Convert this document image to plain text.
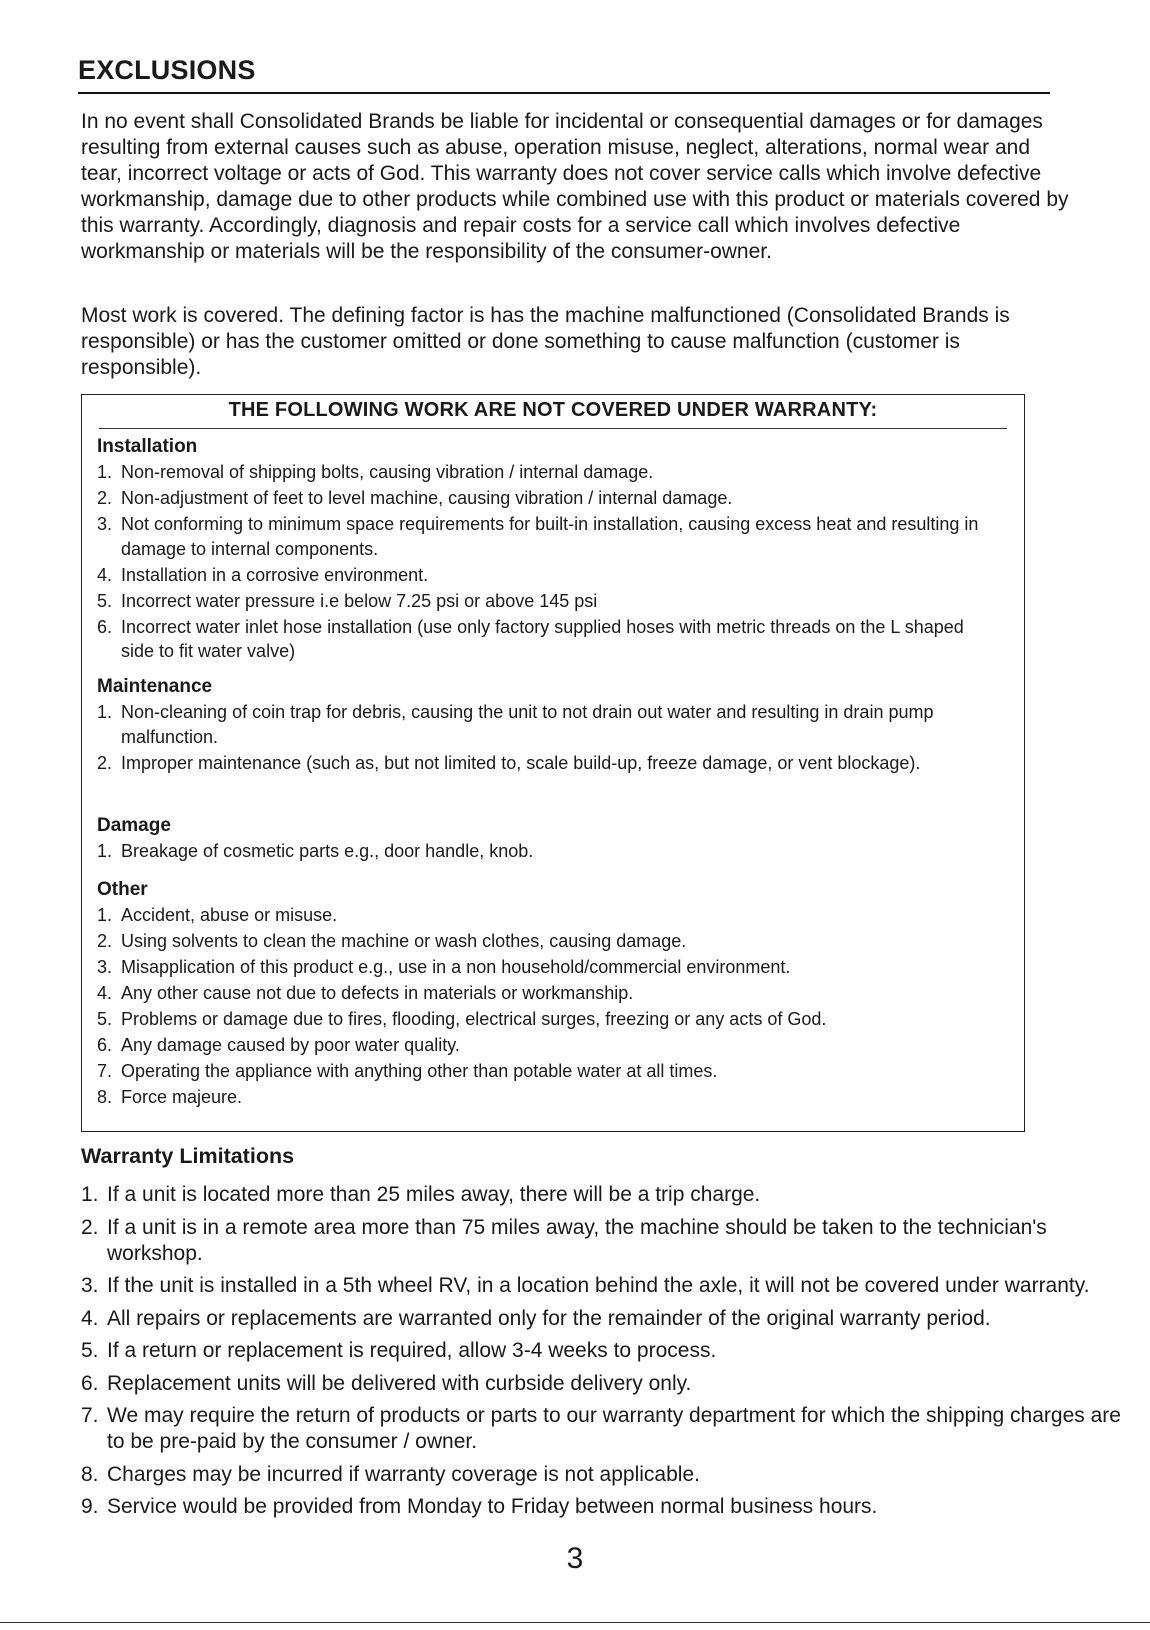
EXCLUSIONS

In no event shall Consolidated Brands be liable for incidental or consequential damages or for damages resulting from external causes such as abuse, operation misuse, neglect, alterations, normal wear and tear, incorrect voltage or acts of God. This warranty does not cover service calls which involve defective workmanship, damage due to other products while combined use with this product or materials covered by this warranty. Accordingly, diagnosis and repair costs for a service call which involves defective workmanship or materials will be the responsibility of the consumer-owner.

Most work is covered. The defining factor is has the machine malfunctioned (Consolidated Brands is responsible) or has the customer omitted or done something to cause malfunction (customer is responsible).

THE FOLLOWING WORK ARE NOT COVERED UNDER WARRANTY:

Installation

1. Non-removal of shipping bolts, causing vibration / internal damage.
2. Non-adjustment of feet to level machine, causing vibration / internal damage.
3. Not conforming to minimum space requirements for built-in installation, causing excess heat and resulting in damage to internal components.
4. Installation in a corrosive environment.
5. Incorrect water pressure i.e below 7.25 psi or above 145 psi
6. Incorrect water inlet hose installation (use only factory supplied hoses with metric threads on the L shaped side to fit water valve)

Maintenance

1. Non-cleaning of coin trap for debris, causing the unit to not drain out water and resulting in drain pump malfunction.
2. Improper maintenance (such as, but not limited to, scale build-up, freeze damage, or vent blockage).

Damage

1. Breakage of cosmetic parts e.g., door handle, knob.

Other

1. Accident, abuse or misuse.
2. Using solvents to clean the machine or wash clothes, causing damage.
3. Misapplication of this product e.g., use in a non household/commercial environment.
4. Any other cause not due to defects in materials or workmanship.
5. Problems or damage due to fires, flooding, electrical surges, freezing or any acts of God.
6. Any damage caused by poor water quality.
7. Operating the appliance with anything other than potable water at all times.
8. Force majeure.
Warranty Limitations
1. If a unit is located more than 25 miles away, there will be a trip charge.
2. If a unit is in a remote area more than 75 miles away, the machine should be taken to the technician's workshop.
3. If the unit is installed in a 5th wheel RV, in a location behind the axle, it will not be covered under warranty.
4. All repairs or replacements are warranted only for the remainder of the original warranty period.
5. If a return or replacement is required, allow 3-4 weeks to process.
6. Replacement units will be delivered with curbside delivery only.
7. We may require the return of products or parts to our warranty department for which the shipping charges are to be pre-paid by the consumer / owner.
8. Charges may be incurred if warranty coverage is not applicable.
9. Service would be provided from Monday to Friday between normal business hours.
3
